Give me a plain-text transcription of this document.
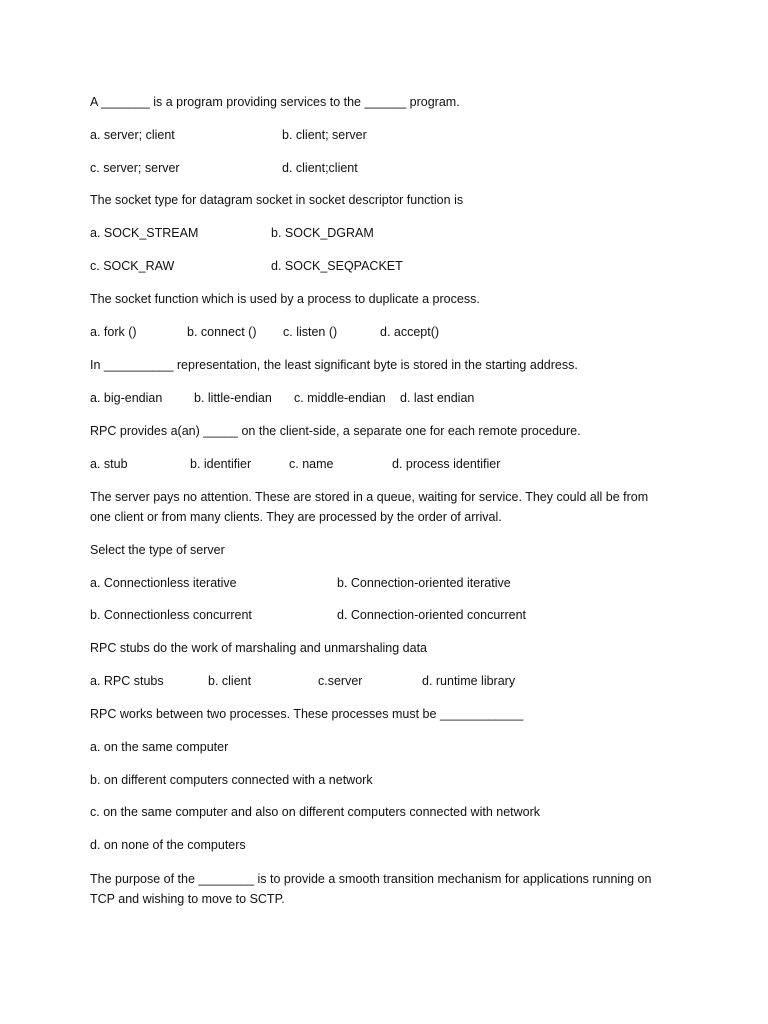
A _______ is a program providing services to the ______ program.
a. server; client	b. client; server
c. server; server	d. client;client
The socket type for datagram socket in socket descriptor function is
a. SOCK_STREAM	b. SOCK_DGRAM
c. SOCK_RAW	d. SOCK_SEQPACKET
The socket function which is used by a process to duplicate a process.
a. fork ()	b. connect () c. listen ()	d. accept()
In __________ representation, the least significant byte is stored in the starting address.
a. big-endian	b. little-endian c. middle-endian d. last endian
RPC provides a(an) _____ on the client-side, a separate one for each remote procedure.
a. stub	b. identifier	c. name	d. process identifier
The server pays no attention. These are stored in a queue, waiting for service. They could all be from one client or from many clients. They are processed by the order of arrival.
Select the type of server
a. Connectionless iterative	b. Connection-oriented iterative
b. Connectionless concurrent	d. Connection-oriented concurrent
RPC stubs do the work of marshaling and unmarshaling data
a. RPC stubs	b. client	c.server	d. runtime library
RPC works between two processes. These processes must be ____________
a. on the same computer
b. on different computers connected with a network
c. on the same computer and also on different computers connected with network
d. on none of the computers
The purpose of the ________ is to provide a smooth transition mechanism for applications running on TCP and wishing to move to SCTP.
